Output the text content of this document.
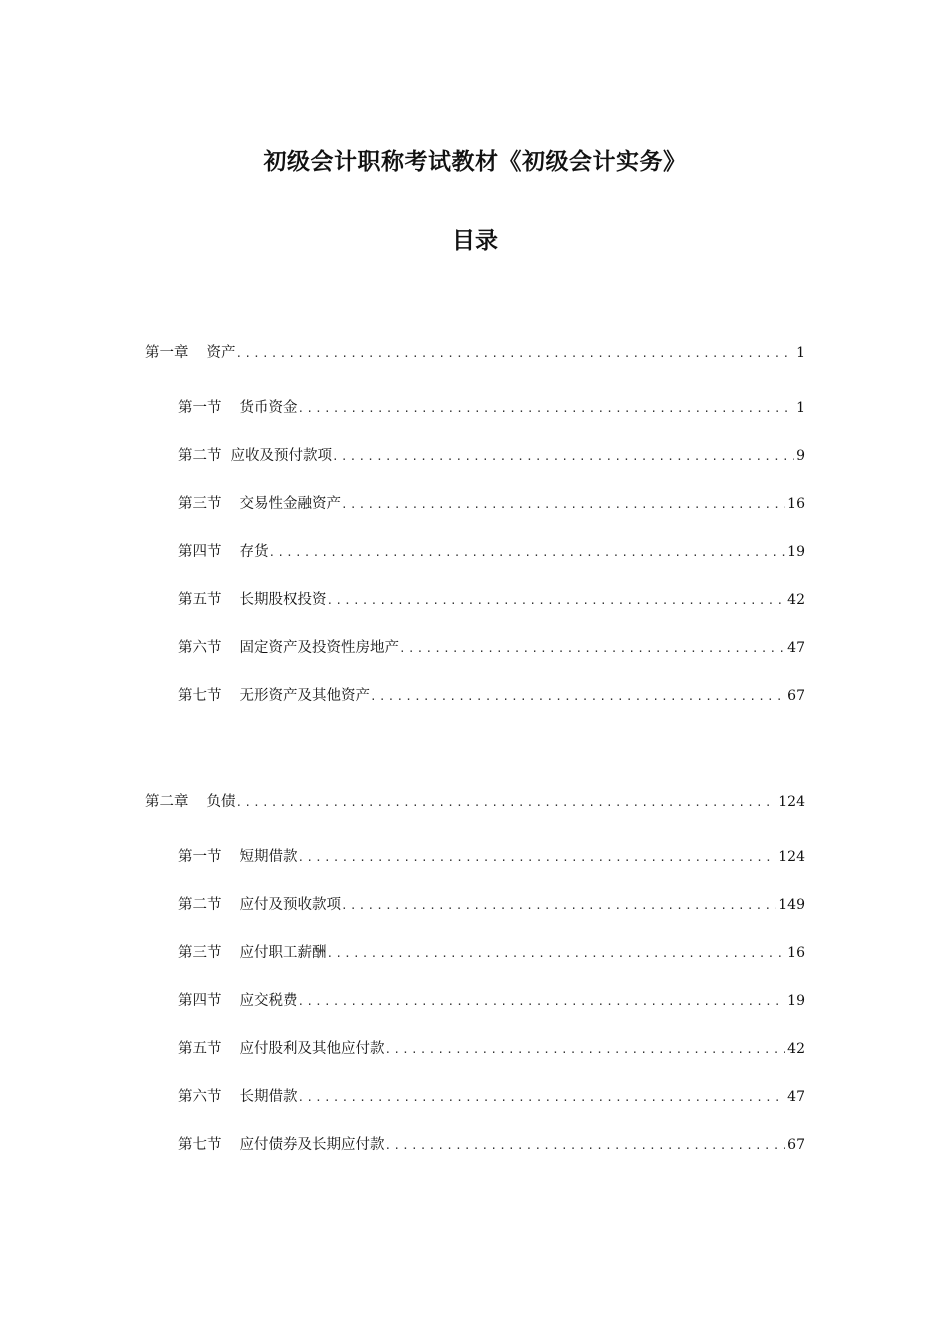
初级会计职称考试教材《初级会计实务》
目录
第一章 资产 .....	1
第一节 货币资金 .....	1
第二节 应收及预付款项 .....	9
第三节 交易性金融资产 .....	16
第四节 存货 .....	19
第五节 长期股权投资 .....	42
第六节 固定资产及投资性房地产 .....	47
第七节 无形资产及其他资产 .....	67
第二章 负债 .....	124
第一节 短期借款 .....	124
第二节 应付及预收款项 .....	149
第三节 应付职工薪酬 .....	16
第四节 应交税费 .....	19
第五节 应付股利及其他应付款 .....	42
第六节 长期借款 .....	47
第七节 应付债券及长期应付款 .....	67
